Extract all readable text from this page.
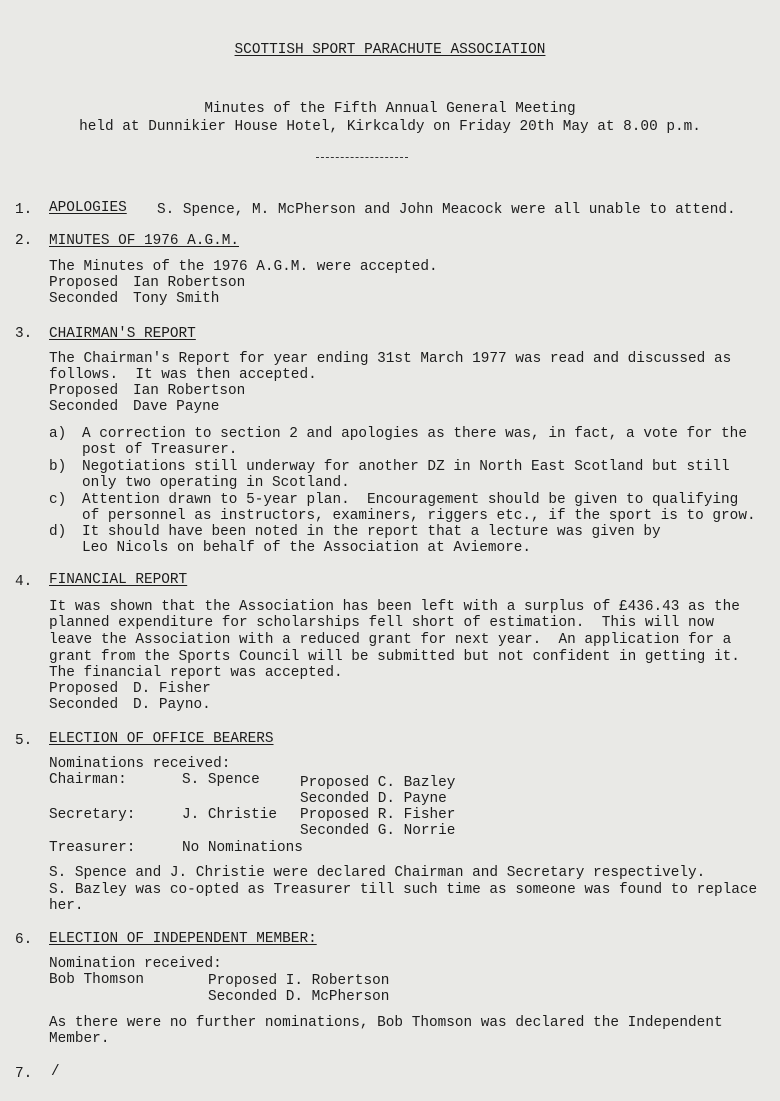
SCOTTISH SPORT PARACHUTE ASSOCIATION
Minutes of the Fifth Annual General Meeting
held at Dunnikier House Hotel, Kirkcaldy on Friday 20th May at 8.00 p.m.
1. APOLOGIES S. Spence, M. McPherson and John Meacock were all unable to attend.
2. MINUTES OF 1976 A.G.M.
The Minutes of the 1976 A.G.M. were accepted.
Proposed Ian Robertson
Seconded Tony Smith
3. CHAIRMAN'S REPORT
The Chairman's Report for year ending 31st March 1977 was read and discussed as
follows.  It was then accepted.
Proposed Ian Robertson
Seconded Dave Payne
a) A correction to section 2 and apologies as there was, in fact, a vote for the
post of Treasurer.
b) Negotiations still underway for another DZ in North East Scotland but still
only two operating in Scotland.
c) Attention drawn to 5-year plan.  Encouragement should be given to qualifying
of personnel as instructors, examiners, riggers etc., if the sport is to grow.
d) It should have been noted in the report that a lecture was given by
Leo Nicols on behalf of the Association at Aviemore.
4. FINANCIAL REPORT
It was shown that the Association has been left with a surplus of £436.43 as the
planned expenditure for scholarships fell short of estimation.  This will now
leave the Association with a reduced grant for next year.  An application for a
grant from the Sports Council will be submitted but not confident in getting it.
The financial report was accepted.
Proposed D. Fisher
Seconded D. Payno.
5. ELECTION OF OFFICE BEARERS
Nominations received:
Chairman:	S. Spence	Proposed C. Bazley
Seconded D. Payne
Secretary:	J. Christie Proposed R. Fisher
Seconded G. Norrie
Treasurer:	No Nominations
S. Spence and J. Christie were declared Chairman and Secretary respectively.
S. Bazley was co-opted as Treasurer till such time as someone was found to replace
her.
6. ELECTION OF INDEPENDENT MEMBER:
Nomination received:
Bob Thomson	Proposed I. Robertson
Seconded D. McPherson
As there were no further nominations, Bob Thomson was declared the Independent
Member.
7. /
